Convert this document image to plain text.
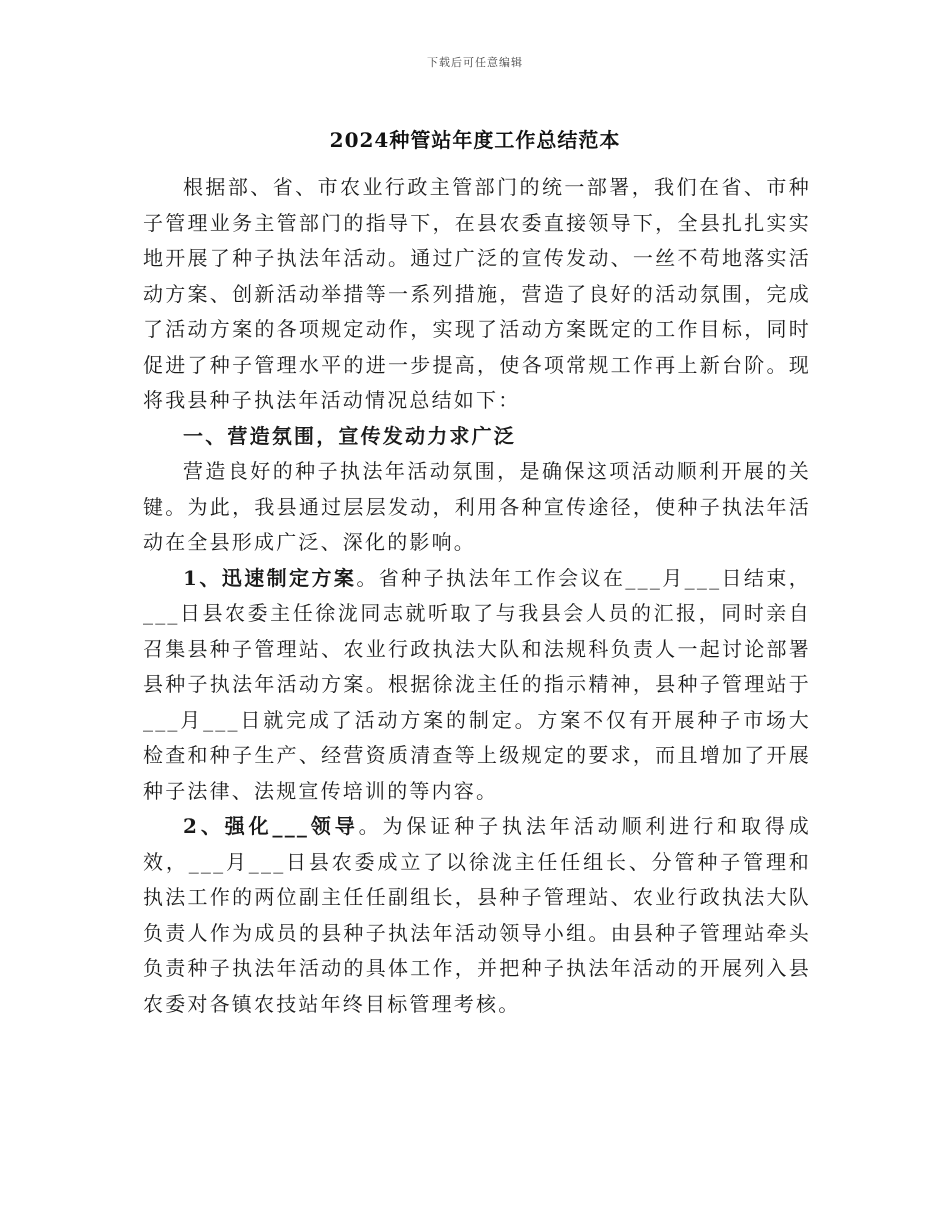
下载后可任意编辑
2024种管站年度工作总结范本

根据部、省、市农业行政主管部门的统一部署，我们在省、市种子管理业务主管部门的指导下，在县农委直接领导下，全县扎扎实实地开展了种子执法年活动。通过广泛的宣传发动、一丝不苟地落实活动方案、创新活动举措等一系列措施，营造了良好的活动氛围，完成了活动方案的各项规定动作，实现了活动方案既定的工作目标，同时促进了种子管理水平的进一步提高，使各项常规工作再上新台阶。现将我县种子执法年活动情况总结如下：

一、营造氛围，宣传发动力求广泛

营造良好的种子执法年活动氛围，是确保这项活动顺利开展的关键。为此，我县通过层层发动，利用各种宣传途径，使种子执法年活动在全县形成广泛、深化的影响。

1、迅速制定方案。省种子执法年工作会议在___月___日结束，___日县农委主任徐泷同志就听取了与我县会人员的汇报，同时亲自召集县种子管理站、农业行政执法大队和法规科负责人一起讨论部署县种子执法年活动方案。根据徐泷主任的指示精神，县种子管理站于___月___日就完成了活动方案的制定。方案不仅有开展种子市场大检查和种子生产、经营资质清查等上级规定的要求，而且增加了开展种子法律、法规宣传培训的等内容。

2、强化___领导。为保证种子执法年活动顺利进行和取得成效，___月___日县农委成立了以徐泷主任任组长、分管种子管理和执法工作的两位副主任任副组长，县种子管理站、农业行政执法大队负责人作为成员的县种子执法年活动领导小组。由县种子管理站牵头负责种子执法年活动的具体工作，并把种子执法年活动的开展列入县农委对各镇农技站年终目标管理考核。
